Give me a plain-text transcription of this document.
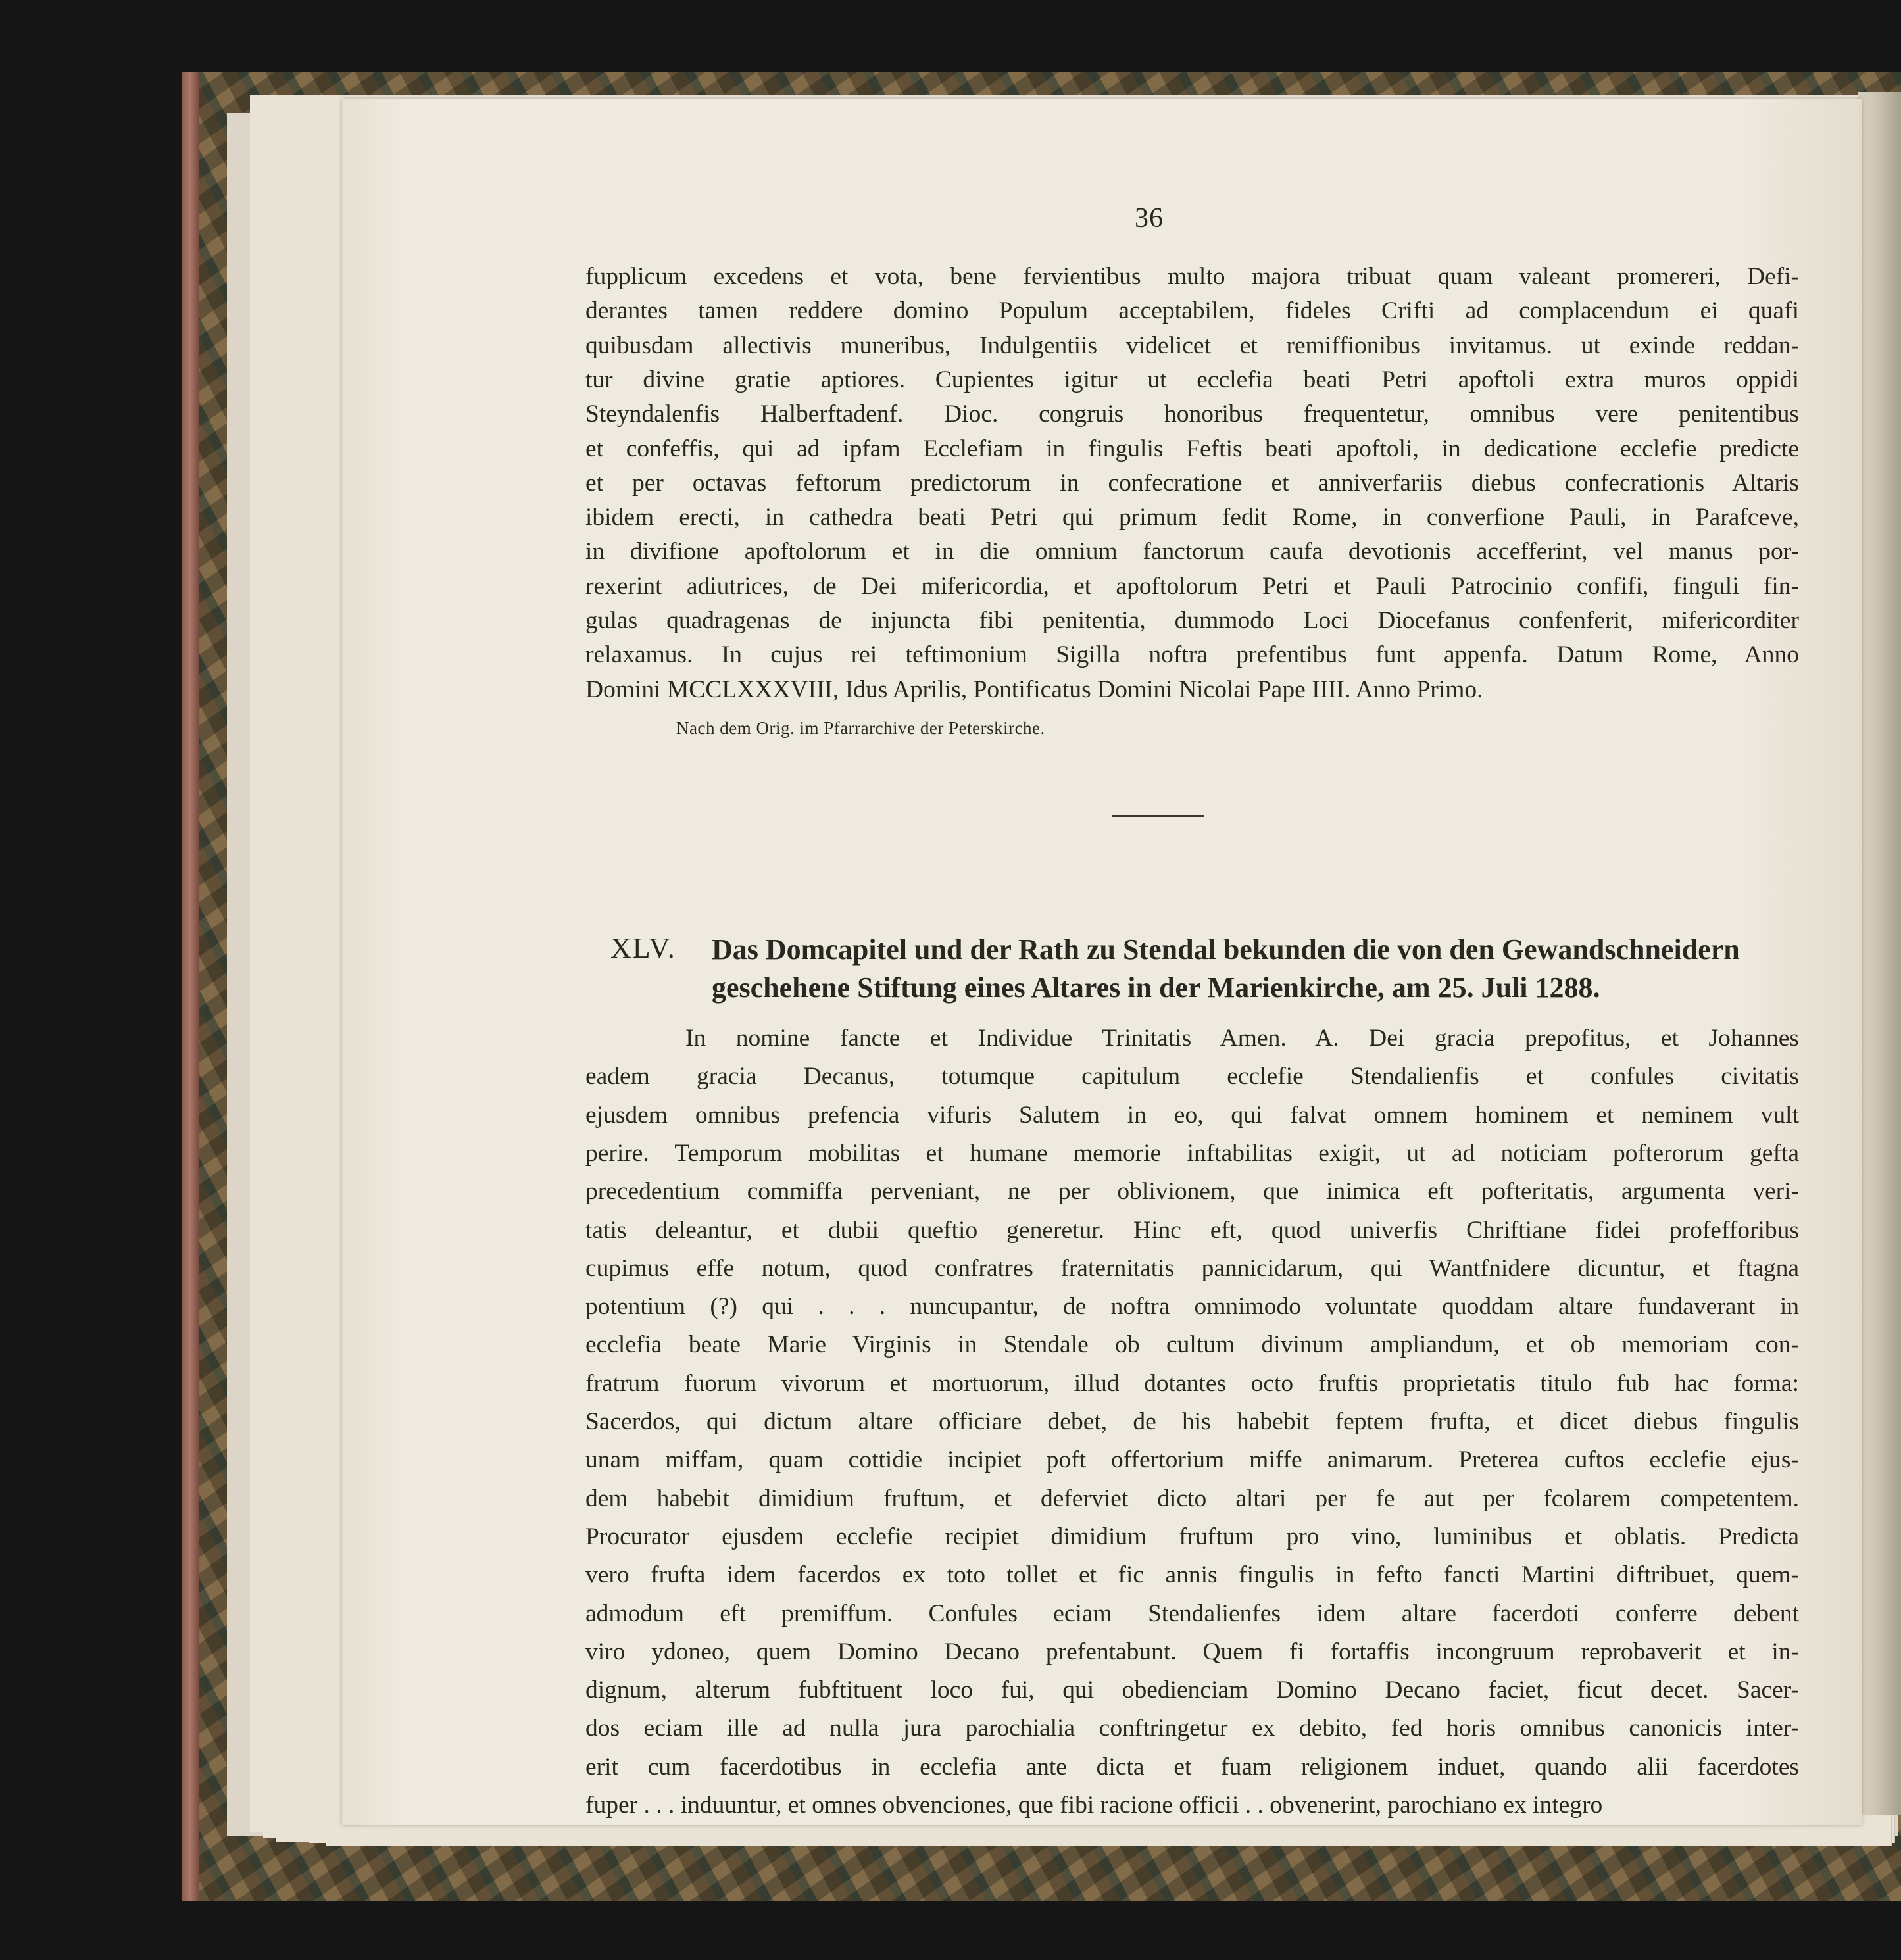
36
fupplicum excedens et vota, bene fervientibus multo majora tribuat quam valeant promereri, Defi-
derantes tamen reddere domino Populum acceptabilem, fideles Crifti ad complacendum ei quafi
quibusdam allectivis muneribus, Indulgentiis videlicet et remiffionibus invitamus. ut exinde reddan-
tur divine gratie aptiores. Cupientes igitur ut ecclefia beati Petri apoftoli extra muros oppidi
Steyndalenfis Halberftadenf. Dioc. congruis honoribus frequentetur, omnibus vere penitentibus
et confeffis, qui ad ipfam Ecclefiam in fingulis Feftis beati apoftoli, in dedicatione ecclefie predicte
et per octavas feftorum predictorum in confecratione et anniverfariis diebus confecrationis Altaris
ibidem erecti, in cathedra beati Petri qui primum fedit Rome, in converfione Pauli, in Parafceve,
in divifione apoftolorum et in die omnium fanctorum caufa devotionis acceff​erint, vel manus por-
rexerint adiutrices, de Dei mifericordia, et apoftolorum Petri et Pauli Patrocinio confifi, finguli fin-
gulas quadragenas de injuncta fibi penitentia, dummodo Loci Diocefanus confenferit, mifericorditer
relaxamus. In cujus rei teftimonium Sigilla noftra prefentibus funt appenfa. Datum Rome, Anno
Domini MCCLXXXVIII, Idus Aprilis, Pontificatus Domini Nicolai Pape IIII. Anno Primo.
Nach dem Orig. im Pfarrarchive der Peterskirche.
XLV. Das Domcapitel und der Rath zu Stendal bekunden die von den Gewandschneidern
geschehene Stiftung eines Altares in der Marienkirche, am 25. Juli 1288.
In nomine fancte et Individue Trinitatis Amen. A. Dei gracia prepofitus, et Johannes
eadem gracia Decanus, totumque capitulum ecclefie Stendalienfis et confules civitatis
ejusdem omnibus prefencia vifuris Salutem in eo, qui falvat omnem hominem et neminem vult
perire. Temporum mobilitas et humane memorie inftabilitas exigit, ut ad noticiam pofterorum gefta
precedentium commiffa perveniant, ne per oblivionem, que inimica eft pofteritatis, argumenta veri-
tatis deleantur, et dubii queftio generetur. Hinc eft, quod univerfis Chriftiane fidei profefforibus
cupimus effe notum, quod confratres fraternitatis pannicidarum, qui Wantfnidere dicuntur, et ftagna
potentium (?) qui . . . nuncupantur, de noftra omnimodo voluntate quoddam altare fundaverant in
ecclefia beate Marie Virginis in Stendale ob cultum divinum ampliandum, et ob memoriam con-
fratrum fuorum vivorum et mortuorum, illud dotantes octo fruftis proprietatis titulo fub hac forma:
Sacerdos, qui dictum altare officiare debet, de his habebit feptem frufta, et dicet diebus fingulis
unam miffam, quam cottidie incipiet poft offertorium miffe animarum. Preterea cuftos ecclefie ejus-
dem habebit dimidium fruftum, et deferviet dicto altari per fe aut per fcolarem competentem.
Procurator ejusdem ecclefie recipiet dimidium fruftum pro vino, luminibus et oblatis. Predicta
vero frufta idem facerdos ex toto tollet et fic annis fingulis in fefto fancti Martini diftribuet, quem-
admodum eft premiffum. Confules eciam Stendalienfes idem altare facerdoti conferre debent
viro ydoneo, quem Domino Decano prefentabunt. Quem fi fortaffis incongruum reprobaverit et in-
dignum, alterum fubftituent loco fui, qui obedienciam Domino Decano faciet, ficut decet. Sacer-
dos eciam ille ad nulla jura parochialia conftringetur ex debito, fed horis omnibus canonicis inter-
erit cum facerdotibus in ecclefia ante dicta et fuam religionem induet, quando alii facerdotes
fuper . . . induuntur, et omnes obvenciones, que fibi racione officii . . obvenerint, parochiano ex integro
